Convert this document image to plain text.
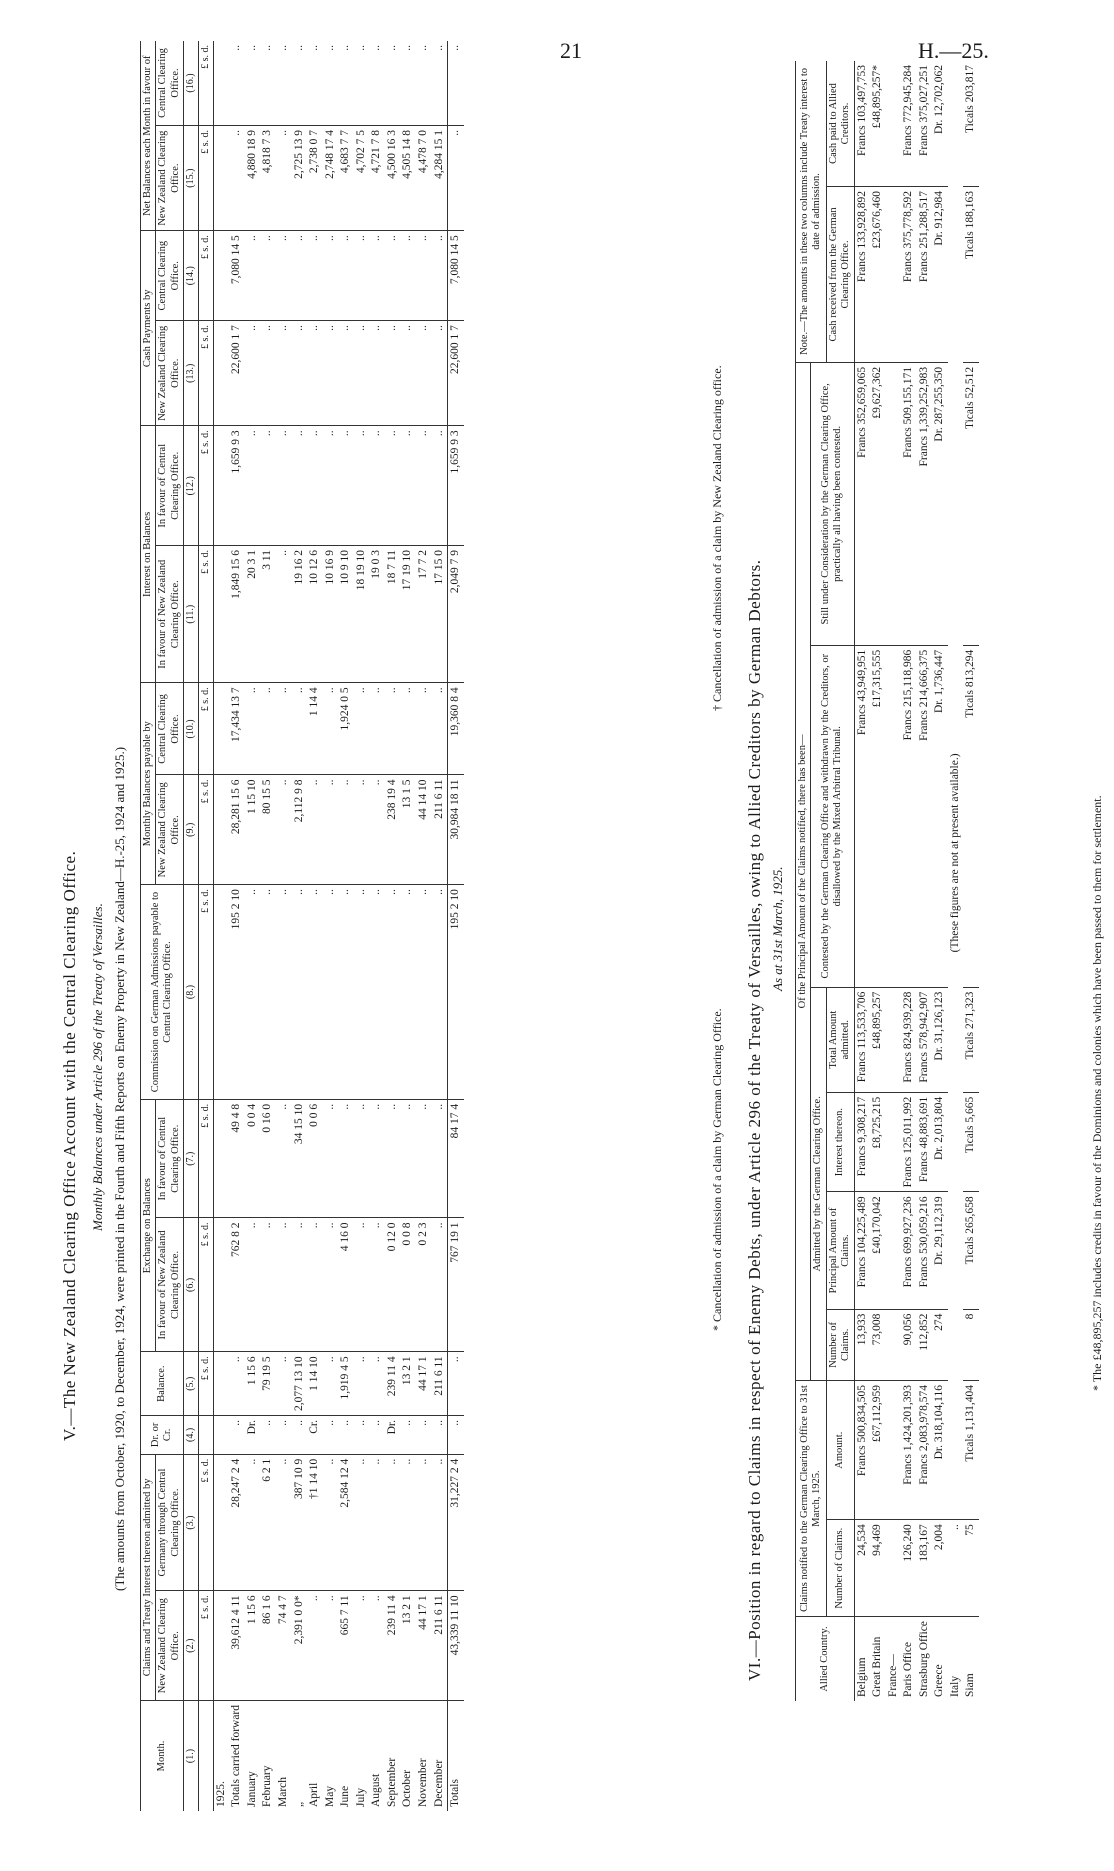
21	H.—25.
V.—The New Zealand Clearing Office Account with the Central Clearing Office. Monthly Balances under Article 296 of the Treaty of Versailles. (The amounts from October, 1920, to December, 1924, were printed in the Fourth and Fifth Reports on Enemy Property in New Zealand—H.-25, 1924 and 1925.)
Month.	Claims and Treaty Interest thereon admitted by		Dr. or Cr.	Balance.	Exchange on Balances		Commission on German Admissions payable to Central Clearing Office.	Monthly Balances payable by		Interest on Balances		Cash Payments by		Net Balances each Month in favour of	
	New Zealand Clearing Office.	Germany through Central Clearing Office.			In favour of New Zealand Clearing Office.	In favour of Central Clearing Office.		New Zealand Clearing Office.	Central Clearing Office.	In favour of New Zealand Clearing Office.	In favour of Central Clearing Office.	New Zealand Clearing Office.	Central Clearing Office.	New Zealand Clearing Office.	Central Clearing Office.
(1.)	(2.)	(3.)	(4.)	(5.)	(6.)	(7.)	(8.)	(9.)	(10.)	(11.)	(12.)	(13.)	(14.)	(15.)	(16.)
	£ s. d.	£ s. d.		£ s. d.	£ s. d.	£ s. d.	£ s. d.	£ s. d.	£ s. d.	£ s. d.	£ s. d.	£ s. d.	£ s. d.	£ s. d.	£ s. d.
1925.															
Totals carried forward	39,612 4 11	28,247 2 4	..	..	762 8 2	49 4 8	195 2 10	28,281 15 6	17,434 13 7	1,849 15 6	1,659 9 3	22,600 1 7	7,080 14 5	..	..
January	1 15 6	..	Dr.	1 15 6	..	0 0 4	..	1 15 10	..	20 3 1	..	..	..	4,880 18 9	..
February	86 1 6	6 2 1	..	79 19 5	..	0 16 0	..	80 15 5	..	3 11	..	..	..	4,818 7 3	..
March	74 4 7	..	..	..	..	..	..	..	..	..	..	..	..	..	..
„	2,391 0 0*	387 10 9	..	2,077 13 10	..	34 15 10	..	2,112 9 8	..	19 16 2	..	..	..	2,725 13 9	..
April	..	†1 14 10	Cr.	1 14 10	..	0 0 6	..	..	1 14 4	10 12 6	..	..	..	2,738 0 7	..
May	..	..	..	..	..	..	..	..	..	10 16 9	..	..	..	2,748 17 4	..
June	665 7 11	2,584 12 4	..	1,919 4 5	4 16 0	..	..	..	1,924 0 5	10 9 10	..	..	..	4,683 7 7	..
July	..	..	..	..	..	..	..	..	..	18 19 10	..	..	..	4,702 7 5	..
August	..	..	..	..	..	..	..	..	..	19 0 3	..	..	..	4,721 7 8	..
September	239 11 4	..	Dr.	239 11 4	0 12 0	..	..	238 19 4	..	18 7 11	..	..	..	4,500 16 3	..
October	13 2 1	..	..	13 2 1	0 0 8	..	..	13 1 5	..	17 19 10	..	..	..	4,505 14 8	..
November	44 17 1	..	..	44 17 1	0 2 3	..	..	44 14 10	..	17 7 2	..	..	..	4,478 7 0	..
December	211 6 11	..	..	211 6 11	..	..	..	211 6 11	..	17 15 0	..	..	..	4,284 15 1	..
Totals	43,339 11 10	31,227 2 4	..	..	767 19 1	84 17 4	195 2 10	30,984 18 11	19,360 8 4	2,049 7 9	1,659 9 3	22,600 1 7	7,080 14 5	..	..
* Cancellation of admission of a claim by German Clearing Office.
† Cancellation of admission of a claim by New Zealand Clearing office.
VI.—Position in regard to Claims in respect of Enemy Debts, under Article 296 of the Treaty of Versailles, owing to Allied Creditors by German Debtors. As at 31st March, 1925.
Allied Country.	Claims notified to the German Clearing Office to 31st March, 1925.		Of the Principal Amount of the Claims notified, there has been—						Note.—The amounts in these two columns include Treaty interest to date of admission.	
			Admitted by the German Clearing Office.				Contested by the German Clearing Office and withdrawn by the Creditors, or disallowed by the Mixed Arbitral Tribunal.	Still under Consideration by the German Clearing Office, practically all having been contested.		
	Number of Claims.	Amount.	Number of Claims.	Principal Amount of Claims.	Interest thereon.	Total Amount admitted.			Cash received from the German Clearing Office.	Cash paid to Allied Creditors.
Belgium	24,534	Francs 500,834,505	13,933	Francs 104,225,489	Francs 9,308,217	Francs 113,533,706	Francs 43,949,951	Francs 352,659,065	Francs 133,928,892	Francs 103,497,753
Great Britain	94,469	£67,112,959	73,008	£40,170,042	£8,725,215	£48,895,257	£17,315,555	£9,627,362	£23,676,460	£48,895,257*
France—										
Paris Office	126,240	Francs 1,424,201,393	90,056	Francs 699,927,236	Francs 125,011,992	Francs 824,939,228	Francs 215,118,986	Francs 509,155,171	Francs 375,778,592	Francs 772,945,284
Strasburg Office	183,167	Francs 2,083,978,574	112,852	Francs 530,059,216	Francs 48,883,691	Francs 578,942,907	Francs 214,666,375	Francs 1,339,252,983	Francs 251,288,517	Francs 375,027,251
Greece	2,004	Dr. 318,104,116	274	Dr. 29,112,319	Dr. 2,013,804	Dr. 31,126,123	Dr. 1,736,447	Dr. 287,255,350	Dr. 912,984	Dr. 12,702,062
Italy	..	(These figures are not at present available.)								
Siam	75	Ticals 1,131,404	8	Ticals 265,658	Ticals 5,665	Ticals 271,323	Ticals 813,294	Ticals 52,512	Ticals 188,163	Ticals 203,817
* The £48,895,257 includes credits in favour of the Dominions and colonies which have been passed to them for settlement.
